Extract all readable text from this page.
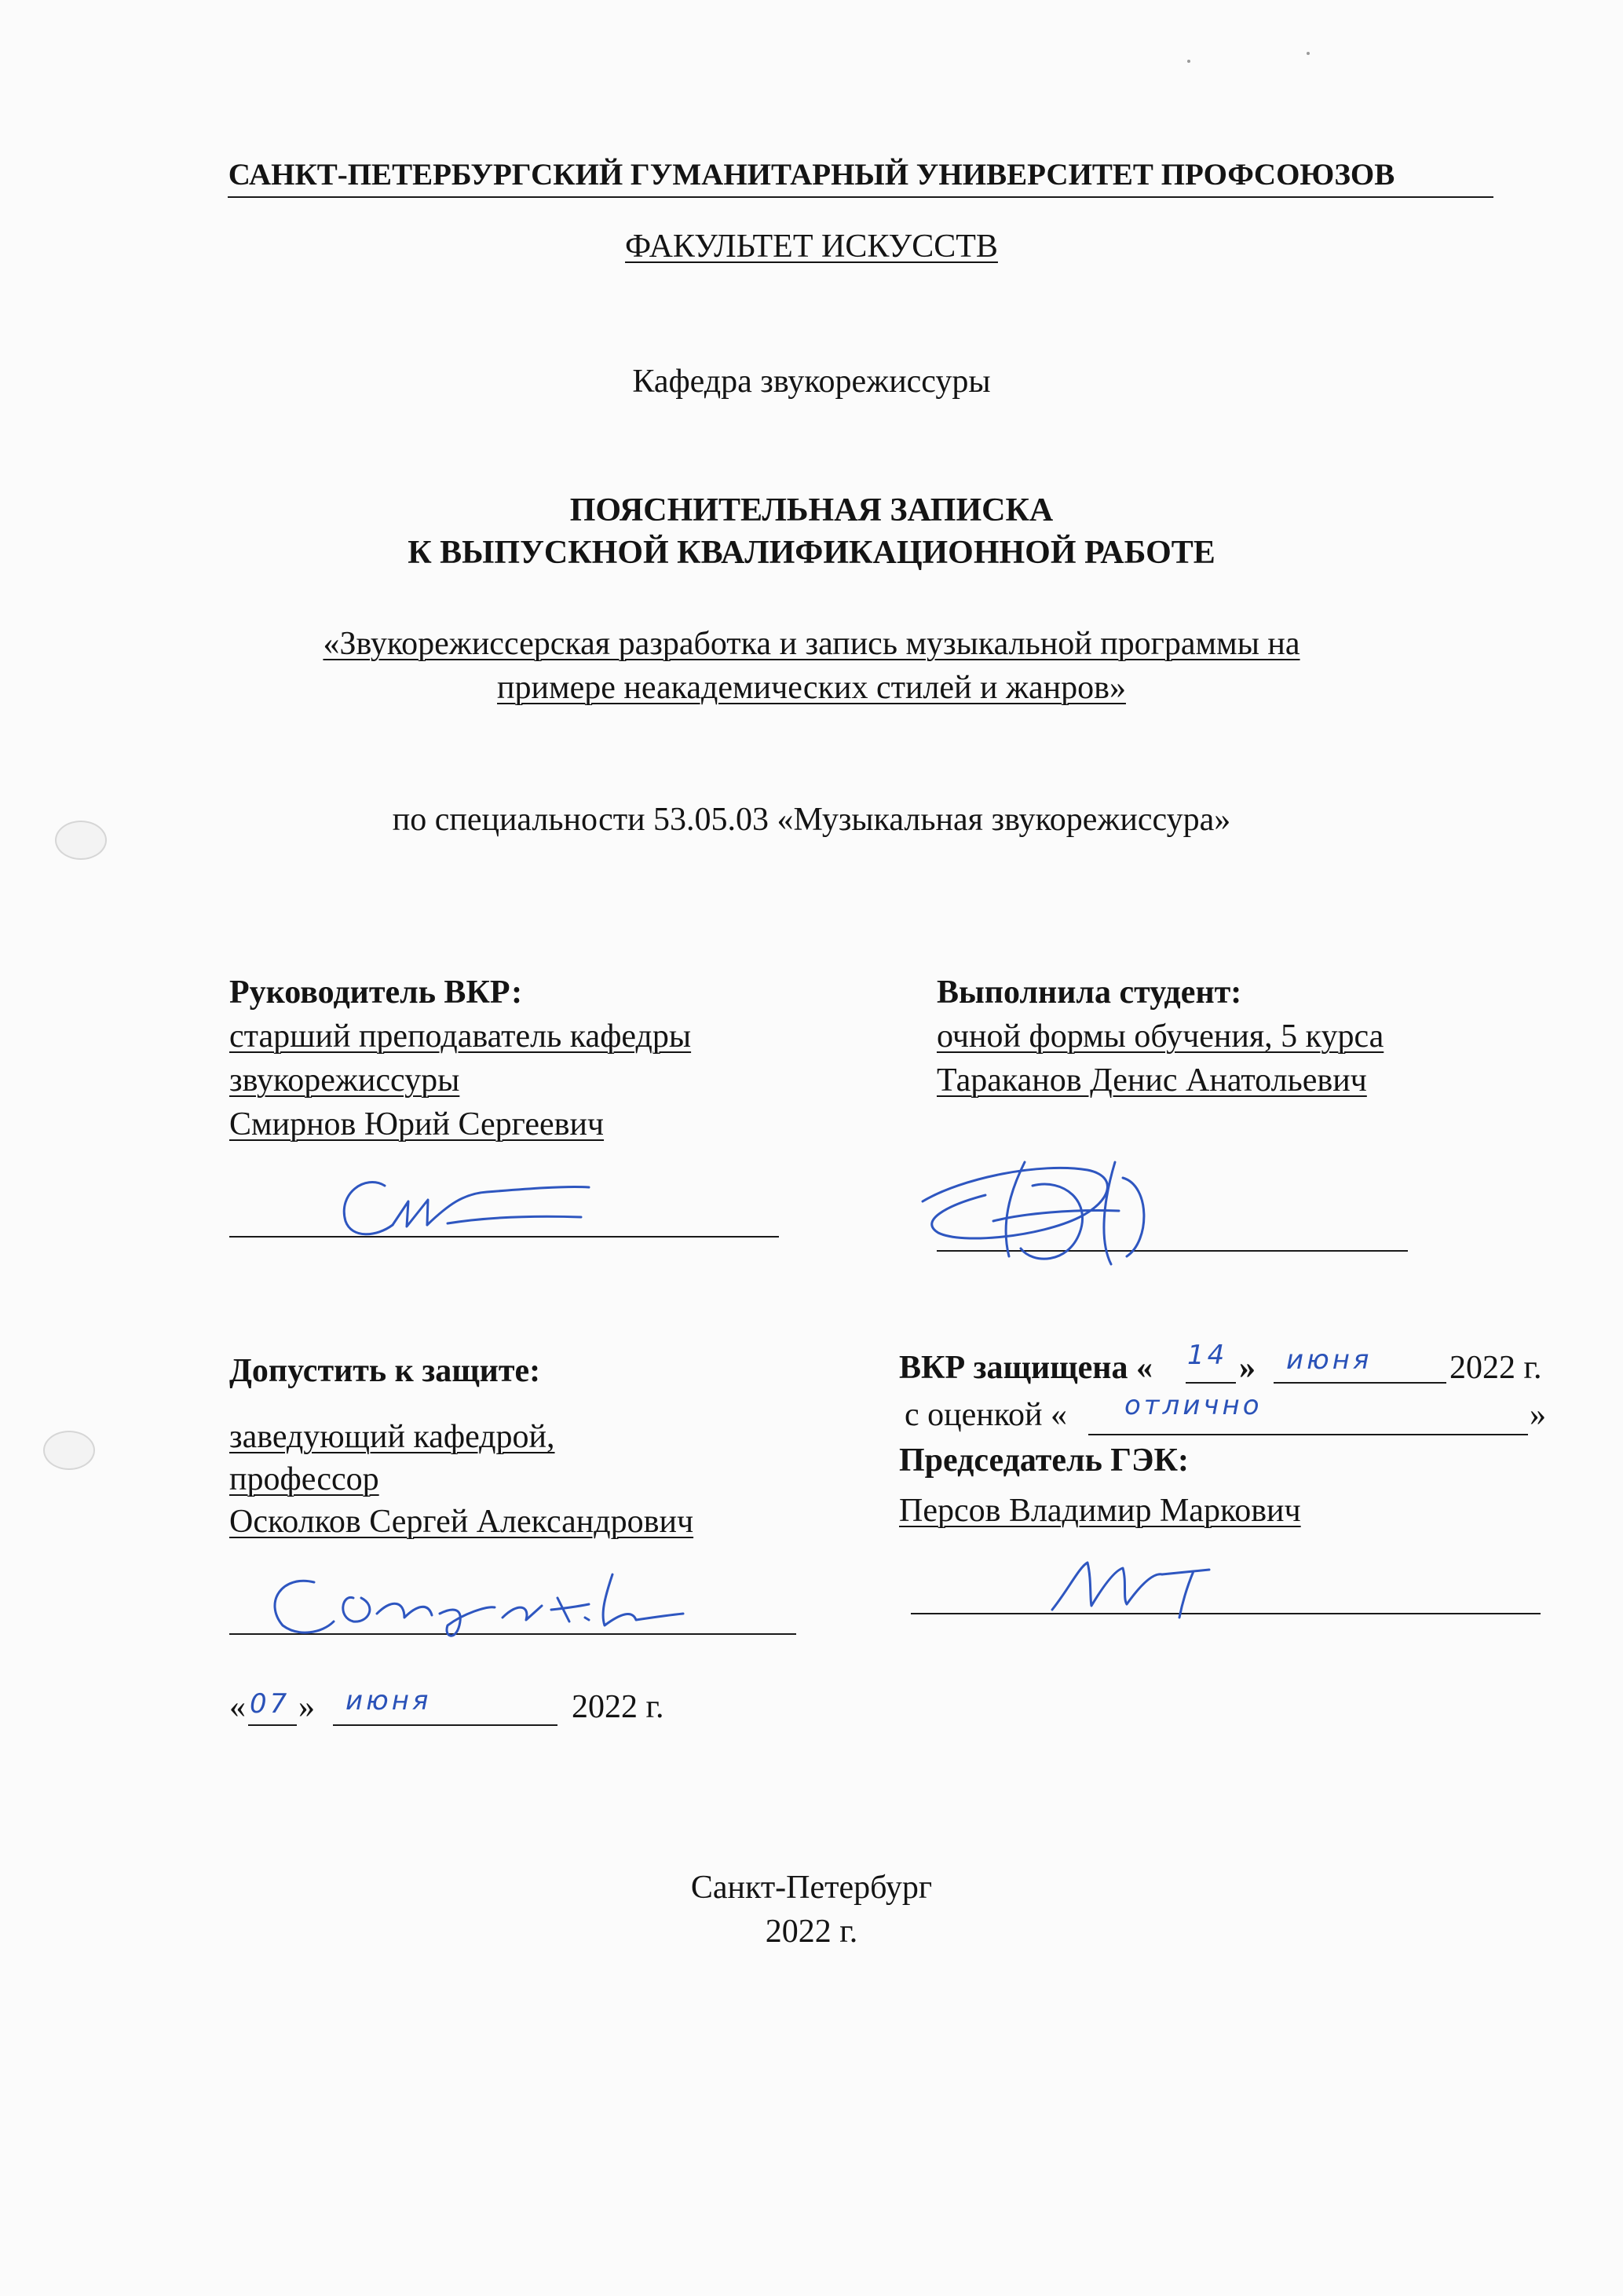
САНКТ-ПЕТЕРБУРГСКИЙ ГУМАНИТАРНЫЙ УНИВЕРСИТЕТ ПРОФСОЮЗОВ
ФАКУЛЬТЕТ ИСКУССТВ
Кафедра звукорежиссуры
ПОЯСНИТЕЛЬНАЯ ЗАПИСКА
К ВЫПУСКНОЙ КВАЛИФИКАЦИОННОЙ РАБОТЕ
«Звукорежиссерская разработка и запись музыкальной программы на
примере неакадемических стилей и жанров»
по специальности 53.05.03 «Музыкальная звукорежиссура»
Руководитель ВКР:
старший преподаватель кафедры
звукорежиссуры
Смирнов Юрий Сергеевич
Выполнила студент:
очной формы обучения, 5 курса
Тараканов Денис Анатольевич
Допустить к защите:
заведующий кафедрой,
профессор
Осколков Сергей Александрович
« 07 » июня	2022 г.
ВКР защищена « 14 » июня 2022 г.
с оценкой « отлично	»
Председатель ГЭК:
Персов Владимир Маркович
Санкт-Петербург
2022 г.
